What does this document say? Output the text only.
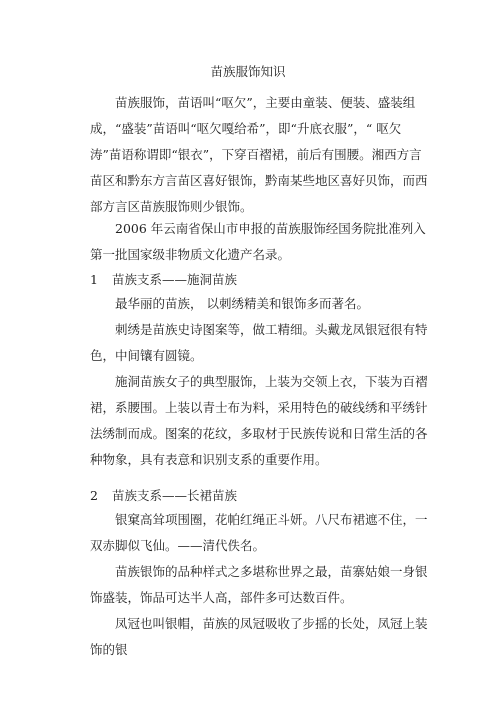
苗族服饰知识
苗族服饰，苗语叫“呕欠”，主要由童装、便装、盛装组成，“盛装”苗语叫“呕欠嘎给希”，即“升底衣服”，“ 呕欠涛”苗语称谓即“银衣”，下穿百褶裙，前后有围腰。湘西方言苗区和黔东方言苗区喜好银饰，黔南某些地区喜好贝饰，而西部方言区苗族服饰则少银饰。
2006 年云南省保山市申报的苗族服饰经国务院批准列入第一批国家级非物质文化遗产名录。
1 苗族支系——施洞苗族
最华丽的苗族， 以刺绣精美和银饰多而著名。
刺绣是苗族史诗图案等，做工精细。头戴龙凤银冠很有特色，中间镶有圆镜。
施洞苗族女子的典型服饰，上装为交领上衣，下装为百褶裙，系腰围。上装以青士布为料，采用特色的破线绣和平绣针法绣制而成。图案的花纹，多取材于民族传说和日常生活的各种物象，具有表意和识别支系的重要作用。
2 苗族支系——长裙苗族
银窠高耸项围圈，花帕红绳正斗妍。八尺布裙遮不住，一双赤脚似飞仙。——清代佚名。
苗族银饰的品种样式之多堪称世界之最，苗寨姑娘一身银饰盛装，饰品可达半人高，部件多可达数百件。
凤冠也叫银帽，苗族的凤冠吸收了步摇的长处，凤冠上装饰的银
